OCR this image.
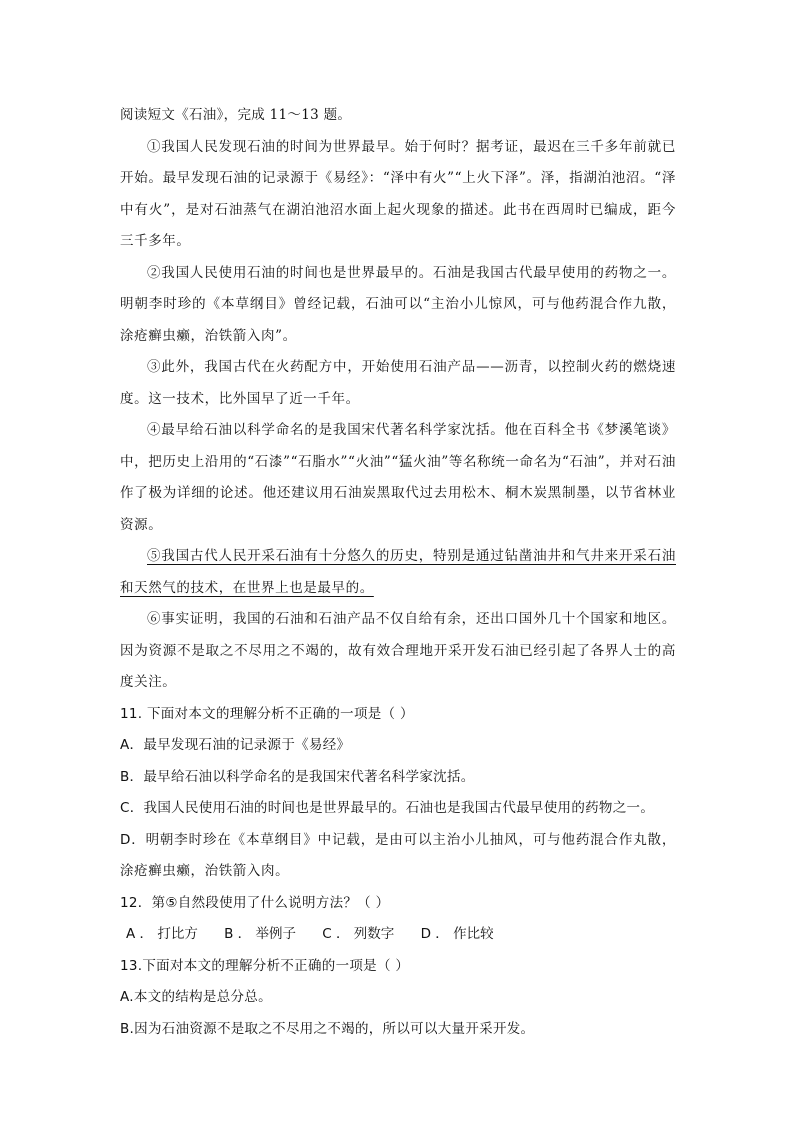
阅读短文《石油》，完成 11～13 题。

①我国人民发现石油的时间为世界最早。始于何时？据考证，最迟在三千多年前就已开始。最早发现石油的记录源于《易经》：“泽中有火”“上火下泽”。泽，指湖泊池沼。“泽中有火”，是对石油蒸气在湖泊池沼水面上起火现象的描述。此书在西周时已编成，距今三千多年。

②我国人民使用石油的时间也是世界最早的。石油是我国古代最早使用的药物之一。明朝李时珍的《本草纲目》曾经记载，石油可以“主治小儿惊风，可与他药混合作九散，涂疮癣虫癞，治铁箭入肉”。

③此外，我国古代在火药配方中，开始使用石油产品——沥青，以控制火药的燃烧速度。这一技术，比外国早了近一千年。

④最早给石油以科学命名的是我国宋代著名科学家沈括。他在百科全书《梦溪笔谈》中，把历史上沿用的“石漆”“石脂水”“火油”“猛火油”等名称统一命名为“石油”，并对石油作了极为详细的论述。他还建议用石油炭黑取代过去用松木、桐木炭黑制墨，以节省林业资源。

⑤我国古代人民开采石油有十分悠久的历史，特别是通过钻凿油井和气井来开采石油和天然气的技术，在世界上也是最早的。

⑥事实证明，我国的石油和石油产品不仅自给有余，还出口国外几十个国家和地区。因为资源不是取之不尽用之不竭的，故有效合理地开采开发石油已经引起了各界人士的高度关注。

11. 下面对本文的理解分析不正确的一项是（ ）

A．最早发现石油的记录源于《易经》

B．最早给石油以科学命名的是我国宋代著名科学家沈括。

C．我国人民使用石油的时间也是世界最早的。石油也是我国古代最早使用的药物之一。

D．明朝李时珍在《本草纲目》中记载，是由可以主治小儿抽风，可与他药混合作丸散，涂疮癣虫癞，治铁箭入肉。

12．第⑤自然段使用了什么说明方法？（ ）

A ． 打比方 B ． 举例子 C ． 列数字 D ． 作比较

13.下面对本文的理解分析不正确的一项是（ ）

A.本文的结构是总分总。

B.因为石油资源不是取之不尽用之不竭的，所以可以大量开采开发。
